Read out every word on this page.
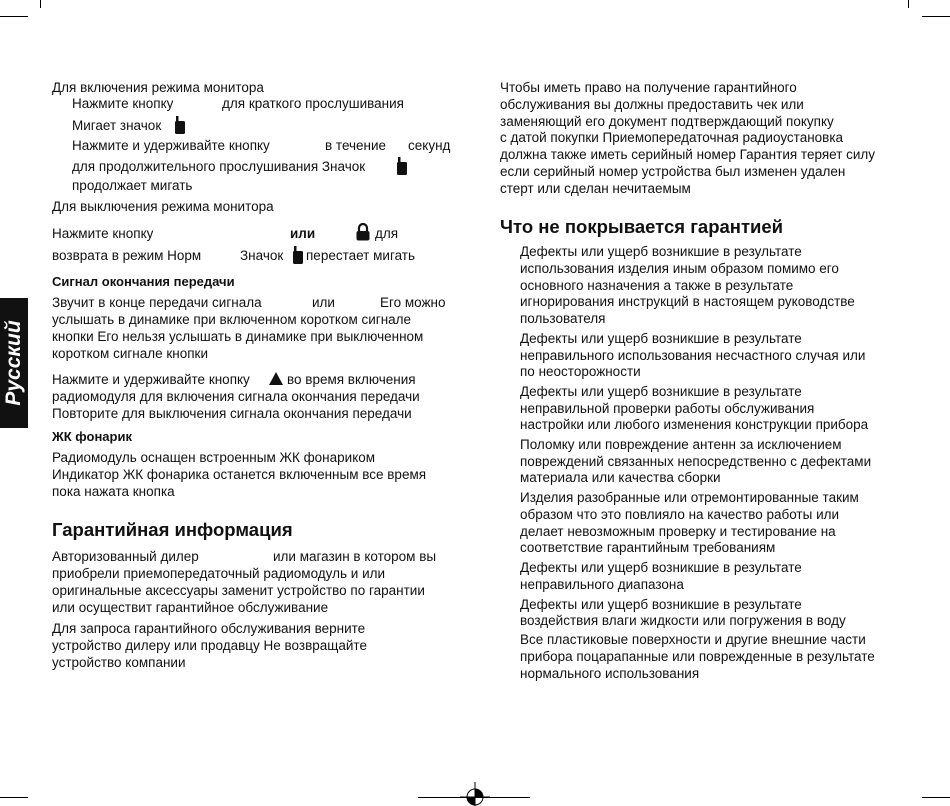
Русский
Для включения режима монитора
Нажмите кнопку	для краткого прослушивания
Мигает значок
Нажмите и удерживайте кнопку	в течение секунд
для продолжительного прослушивания Значок
продолжает мигать
Для выключения режима монитора
Нажмите кнопку	или	для
возврата в режим Норм	Значок перестает мигать
Сигнал окончания передачи
Звучит в конце передачи сигнала	или	Его можно
услышать в динамике при включенном коротком сигнале
кнопки Его нельзя услышать в динамике при выключенном
коротком сигнале кнопки
Нажмите и удерживайте кнопку	во время включения
радиомодуля для включения сигнала окончания передачи
Повторите для выключения сигнала окончания передачи
ЖК фонарик
Радиомодуль оснащен встроенным ЖК фонариком
Индикатор ЖК фонарика останется включенным все время
пока нажата кнопка
Гарантийная информация
Авторизованный дилер	или магазин в котором вы
приобрели приемопередаточный радиомодуль и или
оригинальные аксессуары заменит устройство по гарантии
или осуществит гарантийное обслуживание
Для запроса гарантийного обслуживания верните
устройство дилеру или продавцу Не возвращайте
устройство компании
Чтобы иметь право на получение гарантийного
обслуживания вы должны предоставить чек или
заменяющий его документ подтверждающий покупку
с датой покупки Приемопередаточная радиоустановка
должна также иметь серийный номер Гарантия теряет силу
если серийный номер устройства был изменен удален
стерт или сделан нечитаемым
Что не покрывается гарантией
Дефекты или ущерб возникшие в результате
использования изделия иным образом помимо его
основного назначения а также в результате
игнорирования инструкций в настоящем руководстве
пользователя
Дефекты или ущерб возникшие в результате
неправильного использования несчастного случая или
по неосторожности
Дефекты или ущерб возникшие в результате
неправильной проверки работы обслуживания
настройки или любого изменения конструкции прибора
Поломку или повреждение антенн за исключением
повреждений связанных непосредственно с дефектами
материала или качества сборки
Изделия разобранные или отремонтированные таким
образом что это повлияло на качество работы или
делает невозможным проверку и тестирование на
соответствие гарантийным требованиям
Дефекты или ущерб возникшие в результате
неправильного диапазона
Дефекты или ущерб возникшие в результате
воздействия влаги жидкости или погружения в воду
Все пластиковые поверхности и другие внешние части
прибора поцарапанные или поврежденные в результате
нормального использования
